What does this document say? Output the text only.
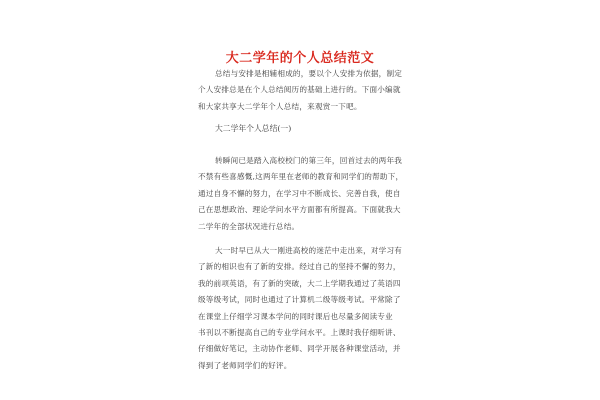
大二学年的个人总结范文

总结与安排是相辅相成的，要以个人安排为依据，制定
个人安排总是在个人总结阅历的基础上进行的。下面小编就
和大家共享大二学年个人总结，来观赏一下吧。

大二学年个人总结(一)

转瞬间已是踏入高校校门的第三年，回首过去的两年我
不禁有些喜感慨,这两年里在老师的教育和同学们的帮助下，
通过自身不懈的努力，在学习中不断成长、完善自我，使自
己在思想政治、理论学问水平方面都有所提高。下面就我大
二学年的全部状况进行总结。

大一时早已从大一刚进高校的迷茫中走出来，对学习有
了新的相识也有了新的安排。经过自己的坚持不懈的努力，
我的前项英语，有了新的突破，大二上学期我通过了英语四
级等级考试，同时也通过了计算机二级等级考试。平常除了
在课堂上仔细学习课本学问的同时课后也尽量多阅读专业
书刊以不断提高自己的专业学问水平。上课时我仔细听讲、
仔细做好笔记，主动协作老师、同学开展各种课堂活动，并
得到了老师同学们的好评。
